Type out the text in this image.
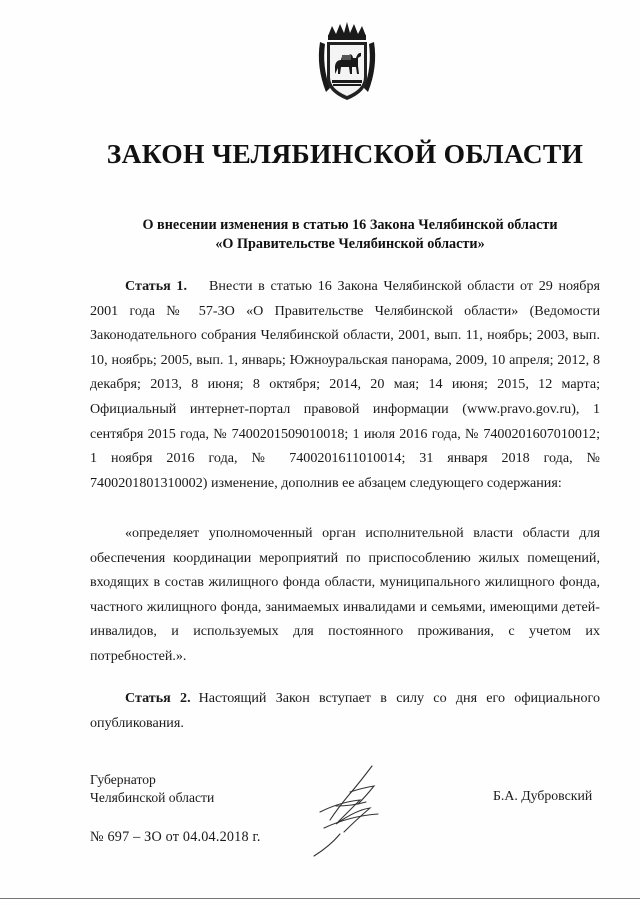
ЗАКОН ЧЕЛЯБИНСКОЙ ОБЛАСТИ
О внесении изменения в статью 16 Закона Челябинской области
«О Правительстве Челябинской области»
Статья 1. Внести в статью 16 Закона Челябинской области от 29 ноября 2001 года № 57-ЗО «О Правительстве Челябинской области» (Ведомости Законодательного собрания Челябинской области, 2001, вып. 11, ноябрь; 2003, вып. 10, ноябрь; 2005, вып. 1, январь; Южноуральская панорама, 2009, 10 апреля; 2012, 8 декабря; 2013, 8 июня; 8 октября; 2014, 20 мая; 14 июня; 2015, 12 марта; Официальный интернет-портал правовой информации (www.pravo.gov.ru), 1 сентября 2015 года, № 7400201509010018; 1 июля 2016 года, № 7400201607010012; 1 ноября 2016 года, № 7400201611010014; 31 января 2018 года, № 7400201801310002) изменение, дополнив ее абзацем следующего содержания:
«определяет уполномоченный орган исполнительной власти области для обеспечения координации мероприятий по приспособлению жилых помещений, входящих в состав жилищного фонда области, муниципального жилищного фонда, частного жилищного фонда, занимаемых инвалидами и семьями, имеющими детей-инвалидов, и используемых для постоянного проживания, с учетом их потребностей.».
Статья 2. Настоящий Закон вступает в силу со дня его официального опубликования.
Губернатор
Челябинской области	Б.А. Дубровский
№ 697 – ЗО от 04.04.2018 г.
